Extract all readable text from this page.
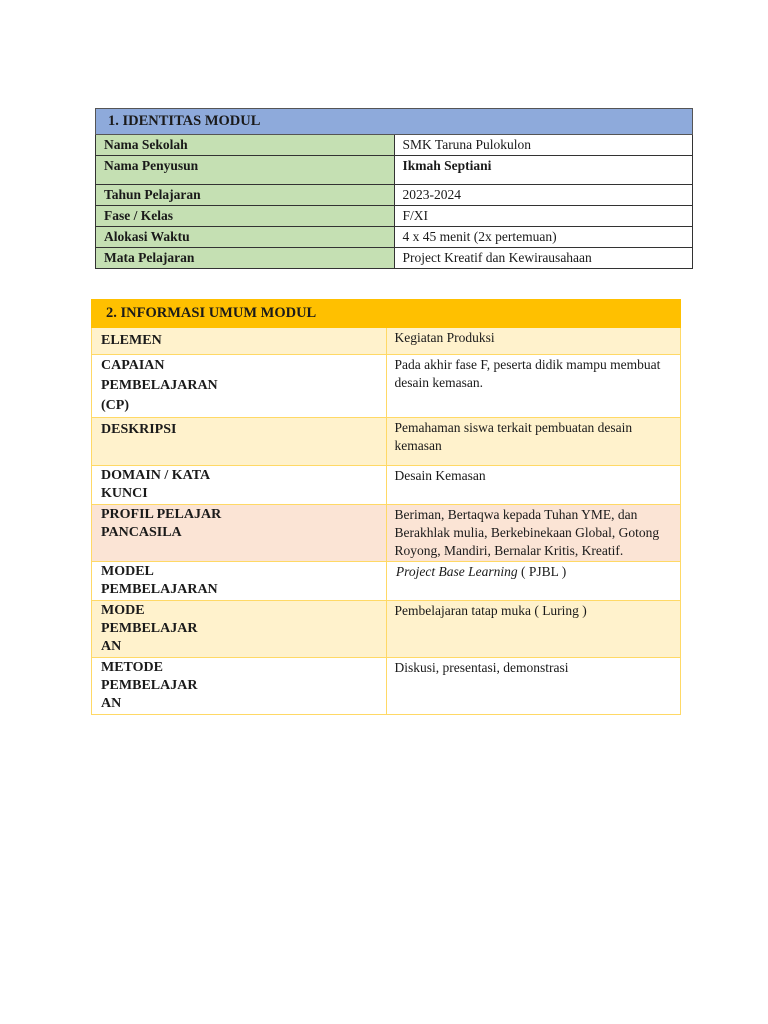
1. IDENTITAS MODUL	
Nama Sekolah	SMK Taruna Pulokulon
Nama Penyusun	Ikmah Septiani
Tahun Pelajaran	2023-2024
Fase / Kelas	F/XI
Alokasi Waktu	4 x 45 menit (2x pertemuan)
Mata Pelajaran	Project Kreatif dan Kewirausahaan
2. INFORMASI UMUM MODUL	
ELEMEN	Kegiatan Produksi

CAPAIAN
PEMBELAJARAN
(CP)	Pada akhir fase F, peserta didik mampu membuat desain kemasan.
DESKRIPSI	Pemahaman siswa terkait pembuatan desain kemasan

DOMAIN / KATA
KUNCI	Desain Kemasan

PROFIL PELAJAR
PANCASILA	Beriman, Bertaqwa kepada Tuhan YME, dan Berakhlak mulia, Berkebinekaan Global, Gotong Royong, Mandiri, Bernalar Kritis, Kreatif.

MODEL
PEMBELAJARAN	Project Base Learning ( PJBL )

MODE
PEMBELAJAR
AN	Pembelajaran tatap muka ( Luring )

METODE
PEMBELAJAR
AN	Diskusi, presentasi, demonstrasi
